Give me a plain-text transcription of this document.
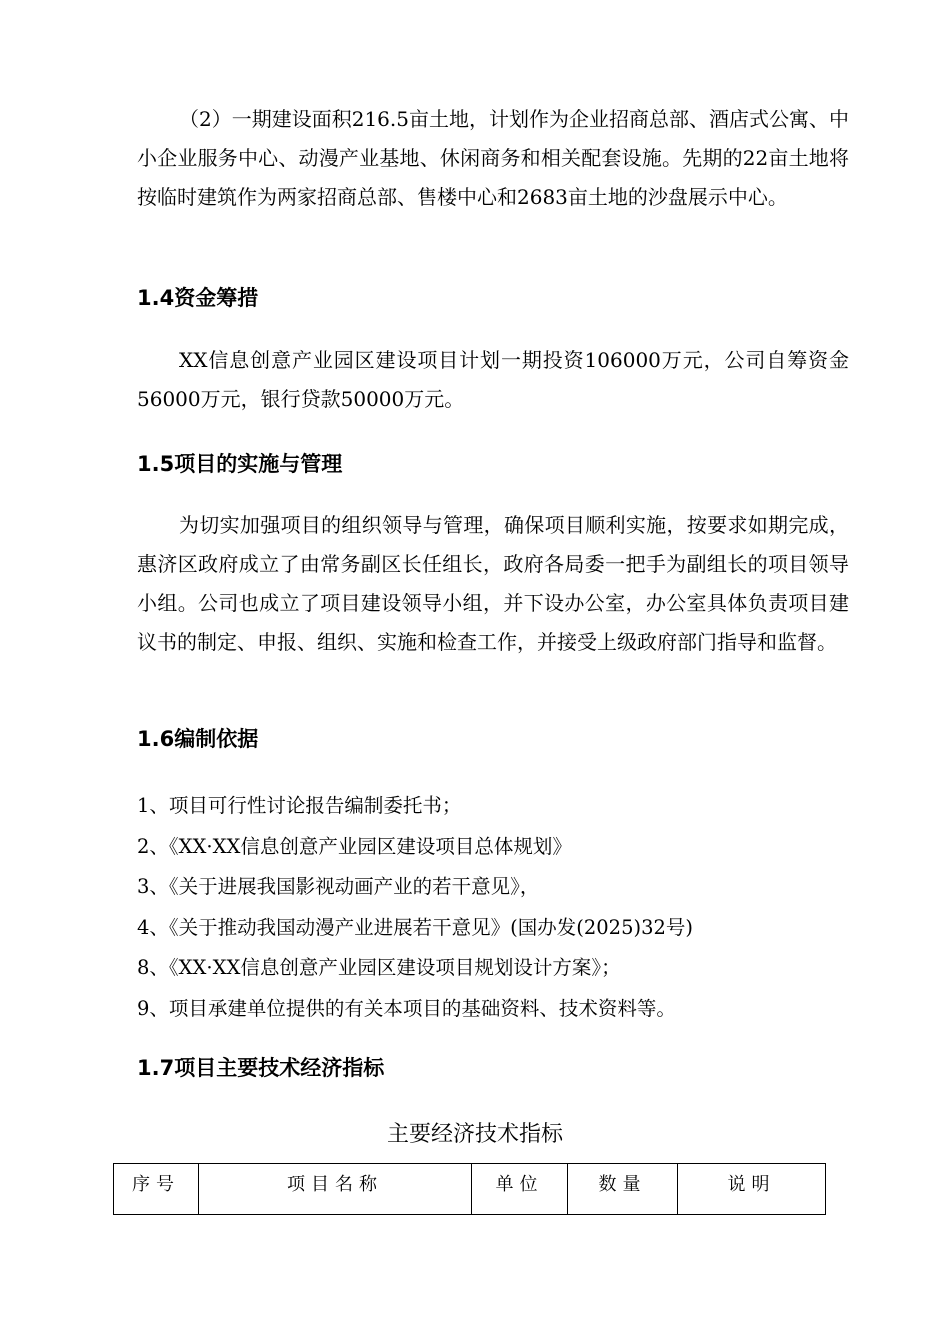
（2）一期建设面积216.5亩土地，计划作为企业招商总部、酒店式公寓、中小企业服务中心、动漫产业基地、休闲商务和相关配套设施。先期的22亩土地将按临时建筑作为两家招商总部、售楼中心和2683亩土地的沙盘展示中心。

1.4资金筹措

XX信息创意产业园区建设项目计划一期投资106000万元，公司自筹资金56000万元，银行贷款50000万元。

1.5项目的实施与管理

为切实加强项目的组织领导与管理，确保项目顺利实施，按要求如期完成，惠济区政府成立了由常务副区长任组长，政府各局委一把手为副组长的项目领导小组。公司也成立了项目建设领导小组，并下设办公室，办公室具体负责项目建议书的制定、申报、组织、实施和检查工作，并接受上级政府部门指导和监督。

1.6编制依据
1、项目可行性讨论报告编制委托书；
2、《XX·XX信息创意产业园区建设项目总体规划》
3、《关于进展我国影视动画产业的若干意见》，
4、《关于推动我国动漫产业进展若干意见》(国办发(2025)32号)
8、《XX·XX信息创意产业园区建设项目规划设计方案》；
9、项目承建单位提供的有关本项目的基础资料、技术资料等。
1.7项目主要技术经济指标

主要经济技术指标

序号	项目名称	单位	数量	说明
